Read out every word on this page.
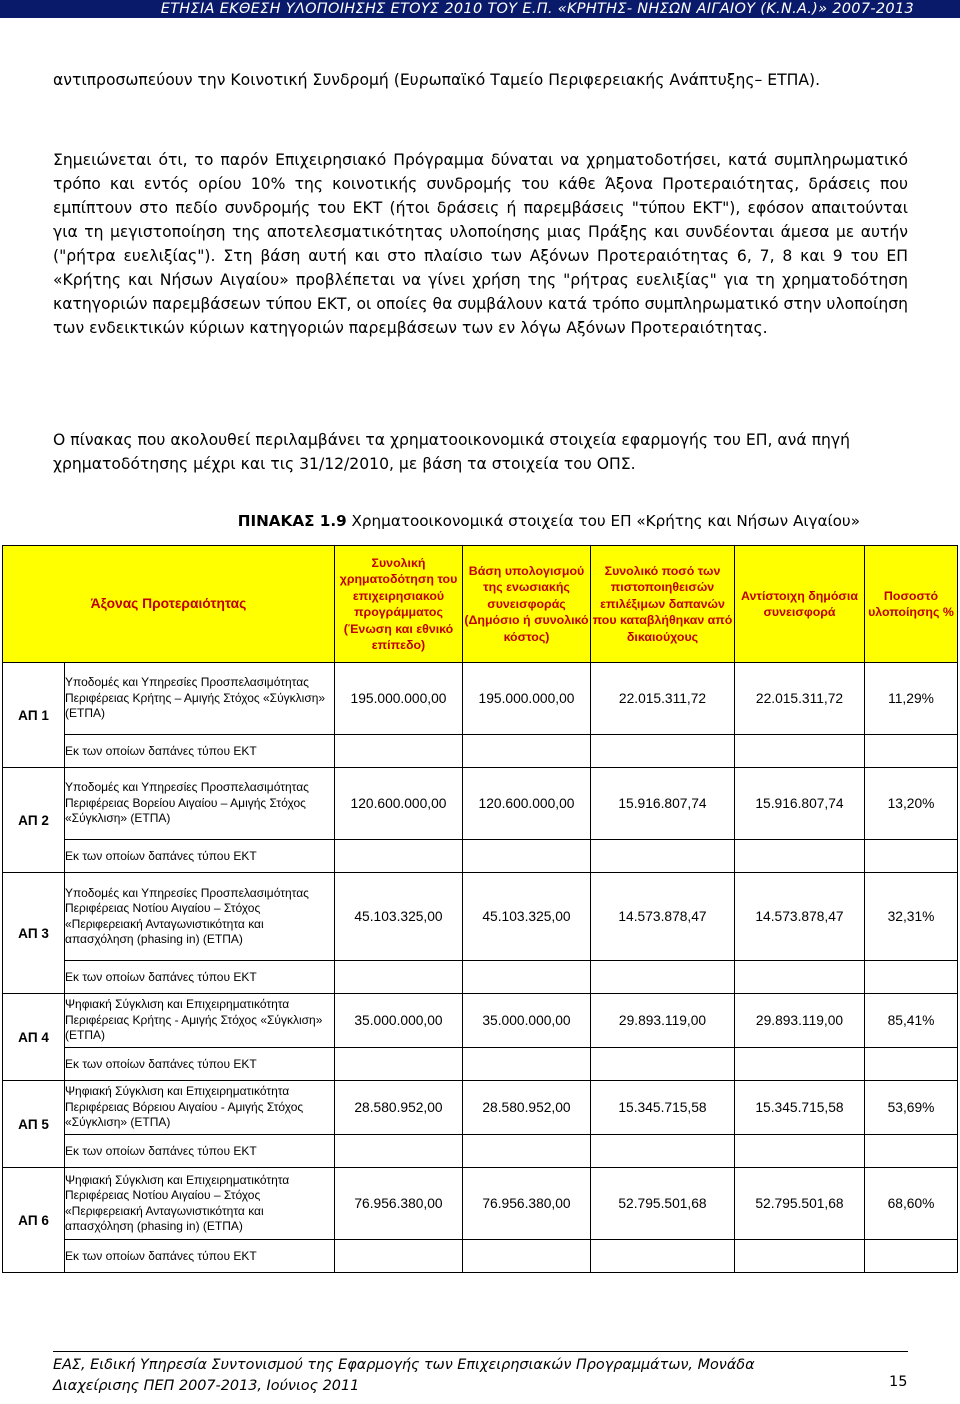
ΕΤΗΣΙΑ ΕΚΘΕΣΗ ΥΛΟΠΟΙΗΣΗΣ ΕΤΟΥΣ 2010 ΤΟΥ Ε.Π. «ΚΡΗΤΗΣ- ΝΗΣΩΝ ΑΙΓΑΙΟΥ (Κ.Ν.Α.)» 2007-2013

αντιπροσωπεύουν την Κοινοτική Συνδρομή (Ευρωπαϊκό Ταμείο Περιφερειακής Ανάπτυξης– ΕΤΠΑ).

Σημειώνεται ότι, το παρόν Επιχειρησιακό Πρόγραμμα δύναται να χρηματοδοτήσει, κατά συμπληρωματικό τρόπο και εντός ορίου 10% της κοινοτικής συνδρομής του κάθε Άξονα Προτεραιότητας, δράσεις που εμπίπτουν στο πεδίο συνδρομής του ΕΚΤ (ήτοι δράσεις ή παρεμβάσεις "τύπου ΕΚΤ"), εφόσον απαιτούνται για τη μεγιστοποίηση της αποτελεσματικότητας υλοποίησης μιας Πράξης και συνδέονται άμεσα με αυτήν ("ρήτρα ευελιξίας"). Στη βάση αυτή και στο πλαίσιο των Αξόνων Προτεραιότητας 6, 7, 8 και 9 του ΕΠ «Κρήτης και Νήσων Αιγαίου» προβλέπεται να γίνει χρήση της "ρήτρας ευελιξίας" για τη χρηματοδότηση κατηγοριών παρεμβάσεων τύπου ΕΚΤ, οι οποίες θα συμβάλουν κατά τρόπο συμπληρωματικό στην υλοποίηση των ενδεικτικών κύριων κατηγοριών παρεμβάσεων των εν λόγω Αξόνων Προτεραιότητας.

Ο πίνακας που ακολουθεί περιλαμβάνει τα χρηματοοικονομικά στοιχεία εφαρμογής του ΕΠ, ανά πηγή χρηματοδότησης μέχρι και τις 31/12/2010, με βάση τα στοιχεία του ΟΠΣ.

ΠΙΝΑΚΑΣ 1.9 Χρηματοοικονομικά στοιχεία του ΕΠ «Κρήτης και Νήσων Αιγαίου»
Άξονας Προτεραιότητας		Συνολική χρηματοδότηση του επιχειρησιακού προγράμματος (Ένωση και εθνικό επίπεδο)	Βάση υπολογισμού της ενωσιακής συνεισφοράς (Δημόσιο ή συνολικό κόστος)	Συνολικό ποσό των πιστοποιηθεισών επιλέξιμων δαπανών που καταβλήθηκαν από δικαιούχους	Αντίστοιχη δημόσια συνεισφορά	Ποσοστό υλοποίησης %
ΑΠ 1	Υποδομές και Υπηρεσίες Προσπελασιμότητας Περιφέρειας Κρήτης – Αμιγής Στόχος «Σύγκλιση» (ΕΤΠΑ)	195.000.000,00	195.000.000,00	22.015.311,72	22.015.311,72	11,29%
	Εκ των οποίων δαπάνες τύπου ΕΚΤ					
ΑΠ 2	Υποδομές και Υπηρεσίες Προσπελασιμότητας Περιφέρειας Βορείου Αιγαίου – Αμιγής Στόχος «Σύγκλιση» (ΕΤΠΑ)	120.600.000,00	120.600.000,00	15.916.807,74	15.916.807,74	13,20%
	Εκ των οποίων δαπάνες τύπου ΕΚΤ					
ΑΠ 3	Υποδομές και Υπηρεσίες Προσπελασιμότητας Περιφέρειας Νοτίου Αιγαίου – Στόχος «Περιφερειακή Ανταγωνιστικότητα και απασχόληση (phasing in) (ΕΤΠΑ)	45.103.325,00	45.103.325,00	14.573.878,47	14.573.878,47	32,31%
	Εκ των οποίων δαπάνες τύπου ΕΚΤ					
ΑΠ 4	Ψηφιακή Σύγκλιση και Επιχειρηματικότητα Περιφέρειας Κρήτης - Αμιγής Στόχος «Σύγκλιση» (ΕΤΠΑ)	35.000.000,00	35.000.000,00	29.893.119,00	29.893.119,00	85,41%
	Εκ των οποίων δαπάνες τύπου ΕΚΤ					
ΑΠ 5	Ψηφιακή Σύγκλιση και Επιχειρηματικότητα Περιφέρειας Βόρειου Αιγαίου - Αμιγής Στόχος «Σύγκλιση» (ΕΤΠΑ)	28.580.952,00	28.580.952,00	15.345.715,58	15.345.715,58	53,69%
	Εκ των οποίων δαπάνες τύπου ΕΚΤ					
ΑΠ 6	Ψηφιακή Σύγκλιση και Επιχειρηματικότητα Περιφέρειας Νοτίου Αιγαίου – Στόχος «Περιφερειακή Ανταγωνιστικότητα και απασχόληση (phasing in) (ΕΤΠΑ)	76.956.380,00	76.956.380,00	52.795.501,68	52.795.501,68	68,60%
	Εκ των οποίων δαπάνες τύπου ΕΚΤ					
ΕΑΣ, Ειδική Υπηρεσία Συντονισμού της Εφαρμογής των Επιχειρησιακών Προγραμμάτων, Μονάδα Διαχείρισης ΠΕΠ 2007-2013, Ιούνιος 2011	15
